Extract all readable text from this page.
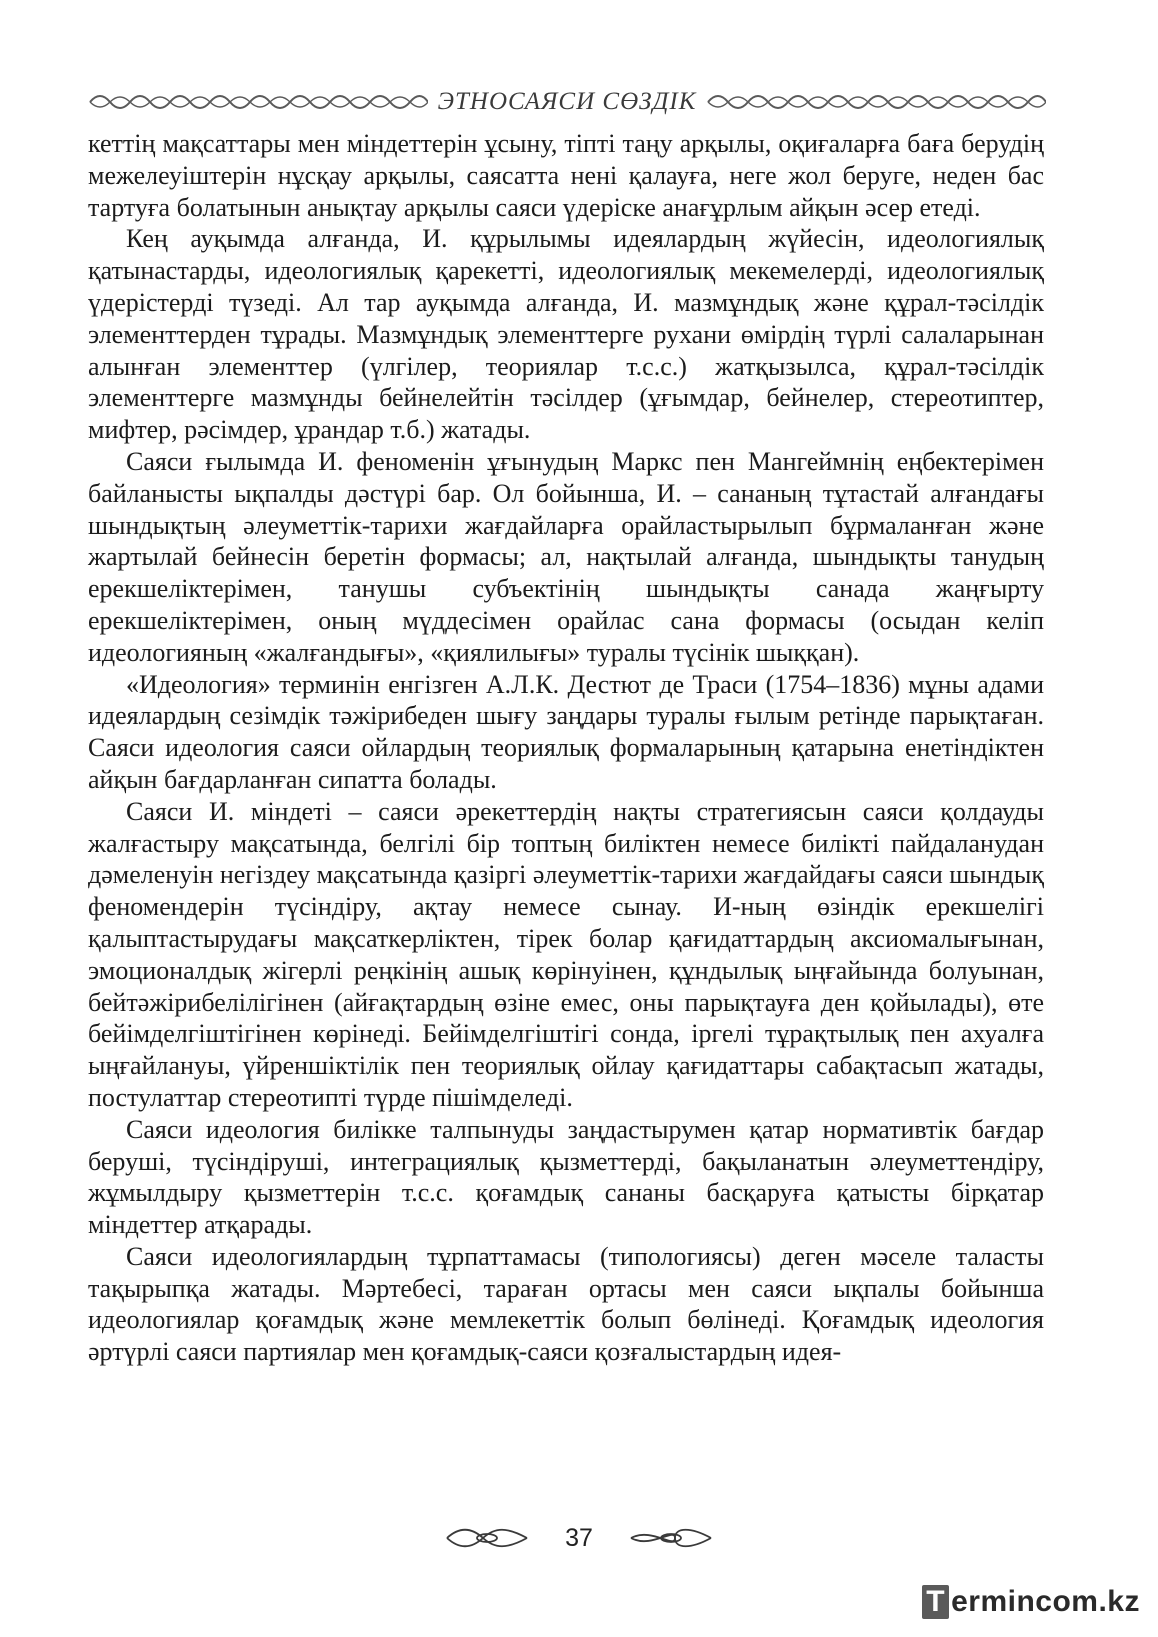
ЭТНОСАЯСИ СӨЗДІК

кеттің мақсаттары мен міндеттерін ұсыну, тіпті таңу арқылы, оқиғаларға баға берудің межелеуіштерін нұсқау арқылы, саясатта нені қалауға, неге жол беруге, неден бас тартуға болатынын анықтау арқылы саяси үдеріске анағұрлым айқын әсер етеді.

Кең ауқымда алғанда, И. құрылымы идеялардың жүйесін, идеологиялық қатынастарды, идеологиялық қарекетті, идеологиялық мекемелерді, идеологиялық үдерістерді түзеді. Ал тар ауқымда алғанда, И. мазмұндық және құрал-тәсілдік элементтерден тұрады. Мазмұндық элементтерге рухани өмірдің түрлі салаларынан алынған элементтер (үлгілер, теориялар т.с.с.) жатқызылса, құрал-тәсілдік элементтерге мазмұнды бейнелейтін тәсілдер (ұғымдар, бейнелер, стереотиптер, мифтер, рәсімдер, ұрандар т.б.) жатады.

Саяси ғылымда И. феноменін ұғынудың Маркс пен Мангеймнің еңбектерімен байланысты ықпалды дәстүрі бар. Ол бойынша, И. – сананың тұтастай алғандағы шындықтың әлеуметтік-тарихи жағдайларға орайластырылып бұрмаланған және жартылай бейнесін беретін формасы; ал, нақтылай алғанда, шындықты танудың ерекшеліктерімен, танушы субъектінің шындықты санада жаңғырту ерекшеліктерімен, оның мүддесімен орайлас сана формасы (осыдан келіп идеологияның «жалғандығы», «қиялилығы» туралы түсінік шыққан).

«Идеология» терминін енгізген А.Л.К. Дестют де Траси (1754–1836) мұны адами идеялардың сезімдік тәжірибеден шығу заңдары туралы ғылым ретінде парықтаған. Саяси идеология саяси ойлардың теориялық формаларының қатарына енетіндіктен айқын бағдарланған сипатта болады.

Саяси И. міндеті – саяси әрекеттердің нақты стратегиясын саяси қолдауды жалғастыру мақсатында, белгілі бір топтың биліктен немесе билікті пайдаланудан дәмеленуін негіздеу мақсатында қазіргі әлеуметтік-тарихи жағдайдағы саяси шындық феномендерін түсіндіру, ақтау немесе сынау. И-ның өзіндік ерекшелігі қалыптастырудағы мақсаткерліктен, тірек болар қағидаттардың аксиомалығынан, эмоционалдық жігерлі реңкінің ашық көрінуінен, құндылық ыңғайында болуынан, бейтәжірибелілігінен (айғақтардың өзіне емес, оны парықтауға ден қойылады), өте бейімделгіштігінен көрінеді. Бейімделгіштігі сонда, іргелі тұрақтылық пен ахуалға ыңғайлануы, үйреншіктілік пен теориялық ойлау қағидаттары сабақтасып жатады, постулаттар стереотипті түрде пішімделеді.

Саяси идеология билікке талпынуды заңдастырумен қатар нормативтік бағдар беруші, түсіндіруші, интеграциялық қызметтерді, бақыланатын әлеуметтендіру, жұмылдыру қызметтерін т.с.с. қоғамдық сананы басқаруға қатысты бірқатар міндеттер атқарады.

Саяси идеологиялардың тұрпаттамасы (типологиясы) деген мәселе таласты тақырыпқа жатады. Мәртебесі, тараған ортасы мен саяси ықпалы бойынша идеологиялар қоғамдық және мемлекеттік болып бөлінеді. Қоғамдық идеология әртүрлі саяси партиялар мен қоғамдық-саяси қозғалыстардың идея-

37
T ermincom.kz
